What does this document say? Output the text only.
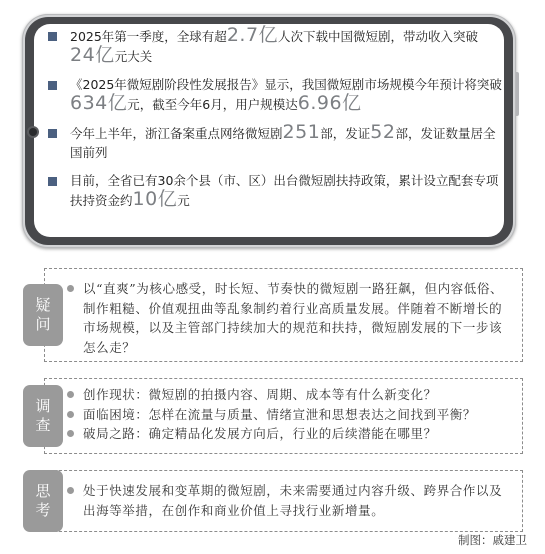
2025年第一季度，全球有超2.7亿人次下载中国微短剧，带动收入突破
24亿元大关
《2025年微短剧阶段性发展报告》显示，我国微短剧市场规模今年预计将突破634亿元，截至今年6月，用户规模达6.96亿
今年上半年，浙江备案重点网络微短剧251部，发证52部，发证数量居全国前列
目前，全省已有30余个县（市、区）出台微短剧扶持政策，累计设立配套专项扶持资金约10亿元
疑
问
以“直爽”为核心感受，时长短、节奏快的微短剧一路狂飙，但内容低俗、制作粗糙、价值观扭曲等乱象制约着行业高质量发展。伴随着不断增长的市场规模，以及主管部门持续加大的规范和扶持，微短剧发展的下一步该怎么走？
调
查
创作现状：微短剧的拍摄内容、周期、成本等有什么新变化？
面临困境：怎样在流量与质量、情绪宣泄和思想表达之间找到平衡？
破局之路：确定精品化发展方向后，行业的后续潜能在哪里？
思
考
处于快速发展和变革期的微短剧，未来需要通过内容升级、跨界合作以及出海等举措，在创作和商业价值上寻找行业新增量。
制图：戚建卫
